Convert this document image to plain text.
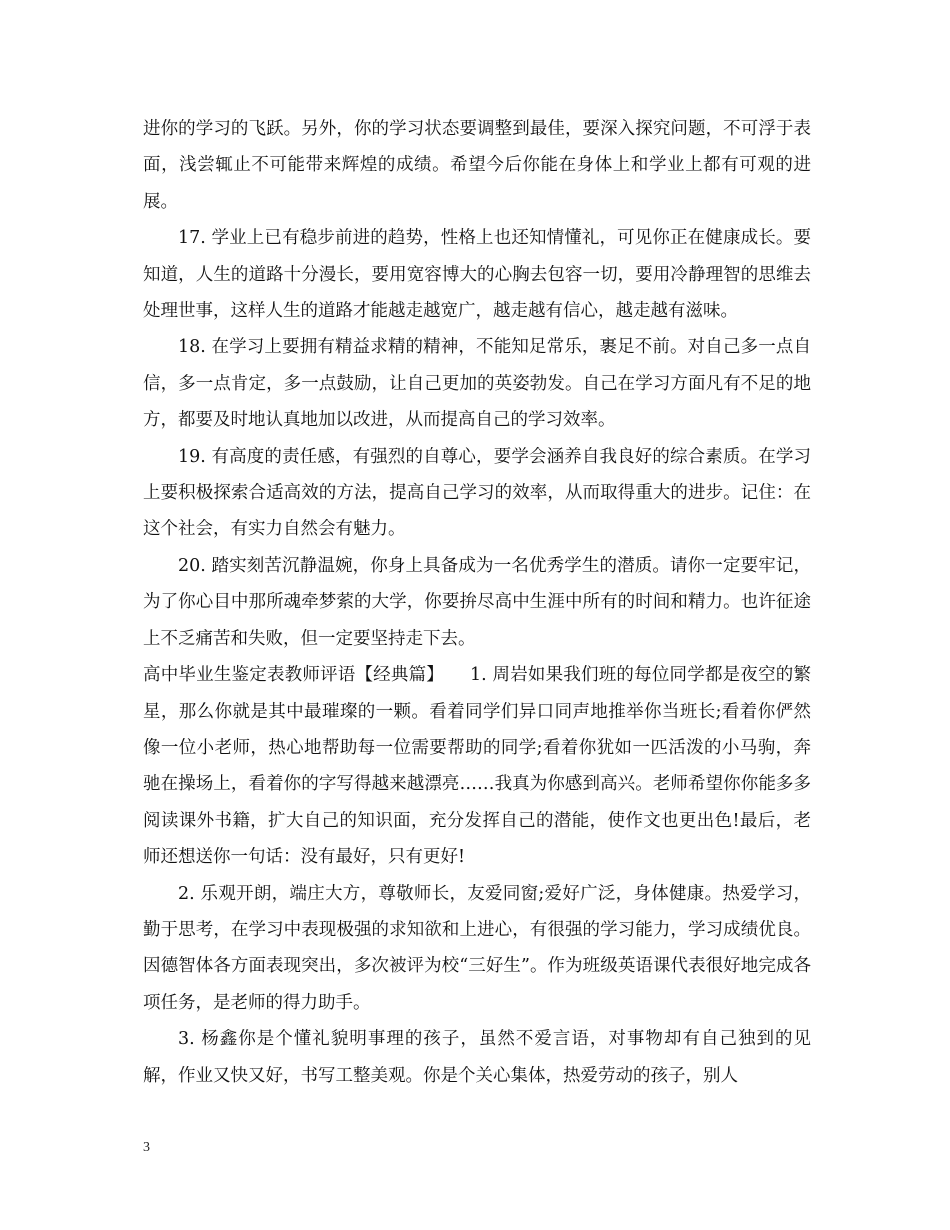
进你的学习的飞跃。另外，你的学习状态要调整到最佳，要深入探究问题，不可浮于表面，浅尝辄止不可能带来辉煌的成绩。希望今后你能在身体上和学业上都有可观的进展。

17. 学业上已有稳步前进的趋势，性格上也还知情懂礼，可见你正在健康成长。要知道，人生的道路十分漫长，要用宽容博大的心胸去包容一切，要用冷静理智的思维去处理世事，这样人生的道路才能越走越宽广，越走越有信心，越走越有滋味。

18. 在学习上要拥有精益求精的精神，不能知足常乐，裹足不前。对自己多一点自信，多一点肯定，多一点鼓励，让自己更加的英姿勃发。自己在学习方面凡有不足的地方，都要及时地认真地加以改进，从而提高自己的学习效率。

19. 有高度的责任感，有强烈的自尊心，要学会涵养自我良好的综合素质。在学习上要积极探索合适高效的方法，提高自己学习的效率，从而取得重大的进步。记住：在这个社会，有实力自然会有魅力。

20. 踏实刻苦沉静温婉，你身上具备成为一名优秀学生的潜质。请你一定要牢记，为了你心目中那所魂牵梦萦的大学，你要拚尽高中生涯中所有的时间和精力。也许征途上不乏痛苦和失败，但一定要坚持走下去。

高中毕业生鉴定表教师评语【经典篇】 1. 周岩如果我们班的每位同学都是夜空的繁星，那么你就是其中最璀璨的一颗。看着同学们异口同声地推举你当班长;看着你俨然像一位小老师，热心地帮助每一位需要帮助的同学;看着你犹如一匹活泼的小马驹，奔驰在操场上，看着你的字写得越来越漂亮……我真为你感到高兴。老师希望你你能多多阅读课外书籍，扩大自己的知识面，充分发挥自己的潜能，使作文也更出色!最后，老师还想送你一句话：没有最好，只有更好!

2. 乐观开朗，端庄大方，尊敬师长，友爱同窗;爱好广泛，身体健康。热爱学习，勤于思考，在学习中表现极强的求知欲和上进心，有很强的学习能力，学习成绩优良。因德智体各方面表现突出，多次被评为校“三好生”。作为班级英语课代表很好地完成各项任务，是老师的得力助手。

3. 杨鑫你是个懂礼貌明事理的孩子，虽然不爱言语，对事物却有自己独到的见解，作业又快又好，书写工整美观。你是个关心集体，热爱劳动的孩子，别人

3
